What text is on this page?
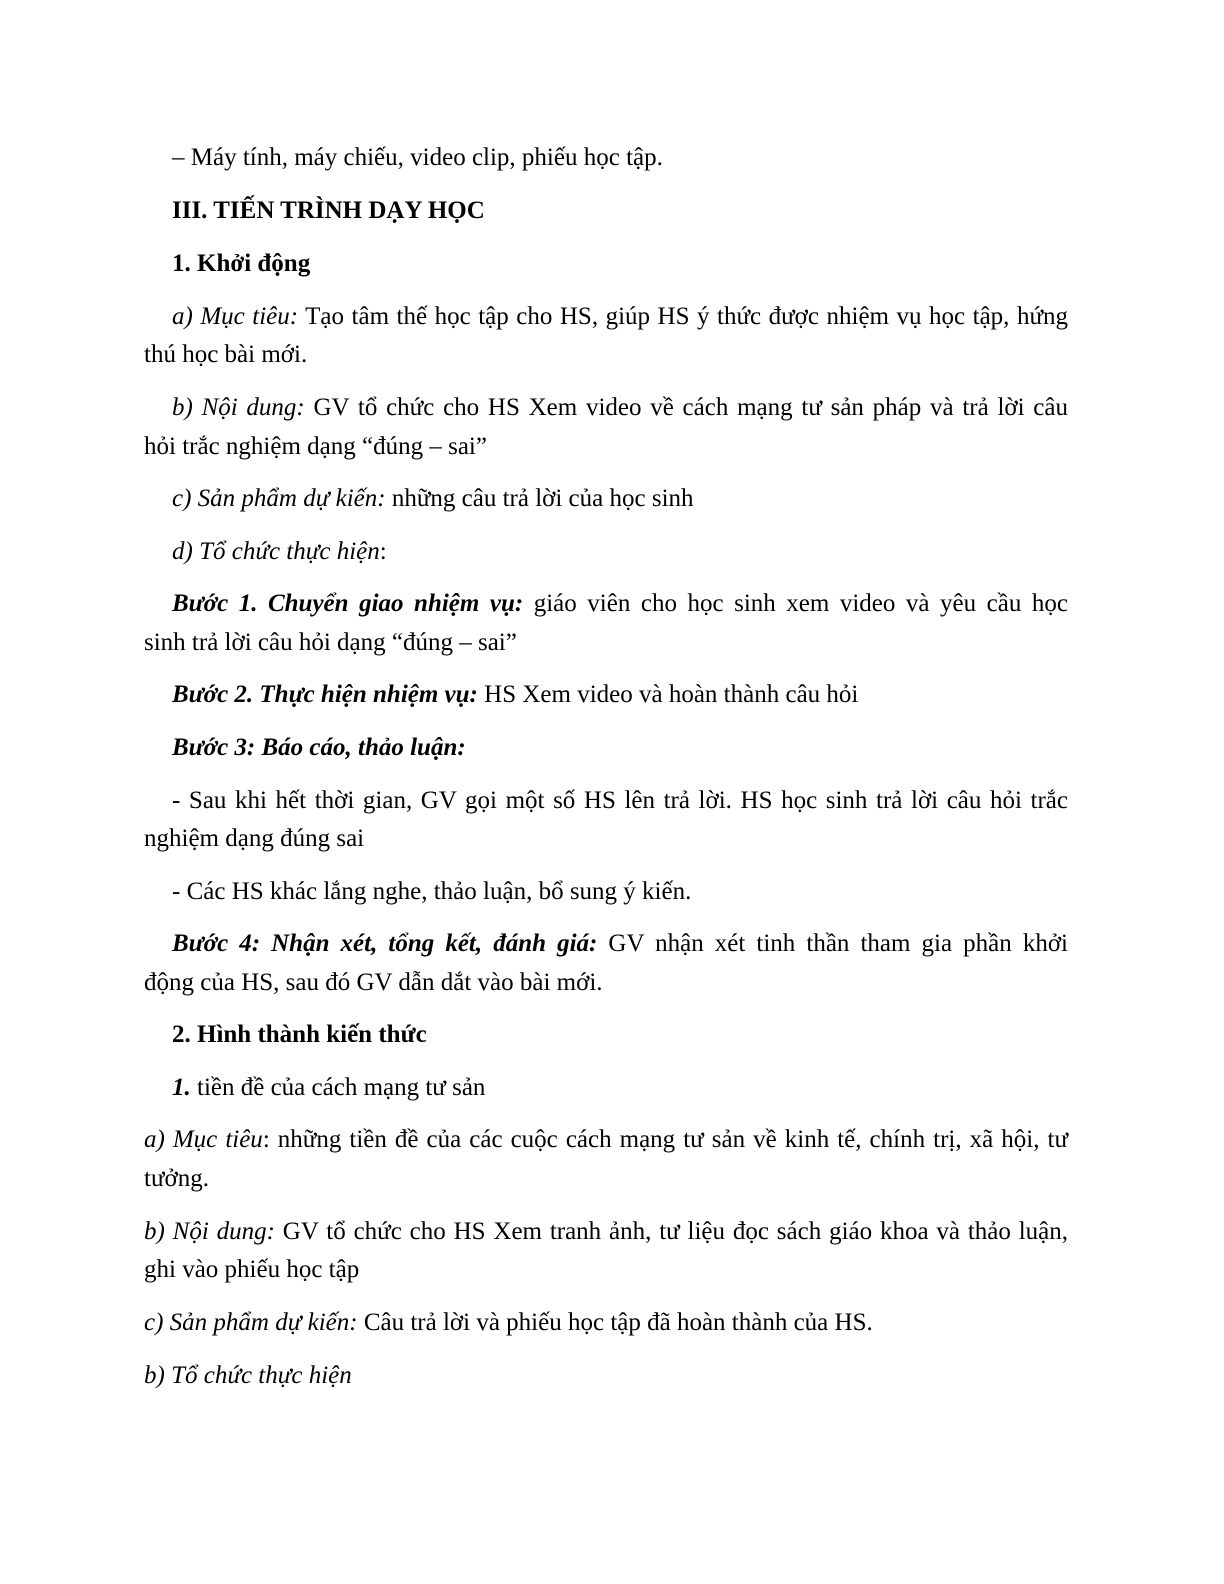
– Máy tính, máy chiếu, video clip, phiếu học tập.
III. TIẾN TRÌNH DẠY HỌC
1. Khởi động
a) Mục tiêu: Tạo tâm thế học tập cho HS, giúp HS ý thức được nhiệm vụ học tập, hứng
thú học bài mới.
b) Nội dung: GV tổ chức cho HS Xem video về cách mạng tư sản pháp và trả lời câu
hỏi trắc nghiệm dạng “đúng – sai”
c) Sản phẩm dự kiến: những câu trả lời của học sinh
d) Tổ chức thực hiện:
Bước 1. Chuyển giao nhiệm vụ: giáo viên cho học sinh xem video và yêu cầu học
sinh trả lời câu hỏi dạng “đúng – sai”
Bước 2. Thực hiện nhiệm vụ: HS Xem video và hoàn thành câu hỏi
Bước 3: Báo cáo, thảo luận:
- Sau khi hết thời gian, GV gọi một số HS lên trả lời. HS học sinh trả lời câu hỏi trắc
nghiệm dạng đúng sai
- Các HS khác lắng nghe, thảo luận, bổ sung ý kiến.
Bước 4: Nhận xét, tổng kết, đánh giá: GV nhận xét tinh thần tham gia phần khởi
động của HS, sau đó GV dẫn dắt vào bài mới.
2. Hình thành kiến thức
1. tiền đề của cách mạng tư sản
a) Mục tiêu: những tiền đề của các cuộc cách mạng tư sản về kinh tế, chính trị, xã hội, tư
tưởng.
b) Nội dung: GV tổ chức cho HS Xem tranh ảnh, tư liệu đọc sách giáo khoa và thảo luận,
ghi vào phiếu học tập
c) Sản phẩm dự kiến: Câu trả lời và phiếu học tập đã hoàn thành của HS.
b) Tổ chức thực hiện
